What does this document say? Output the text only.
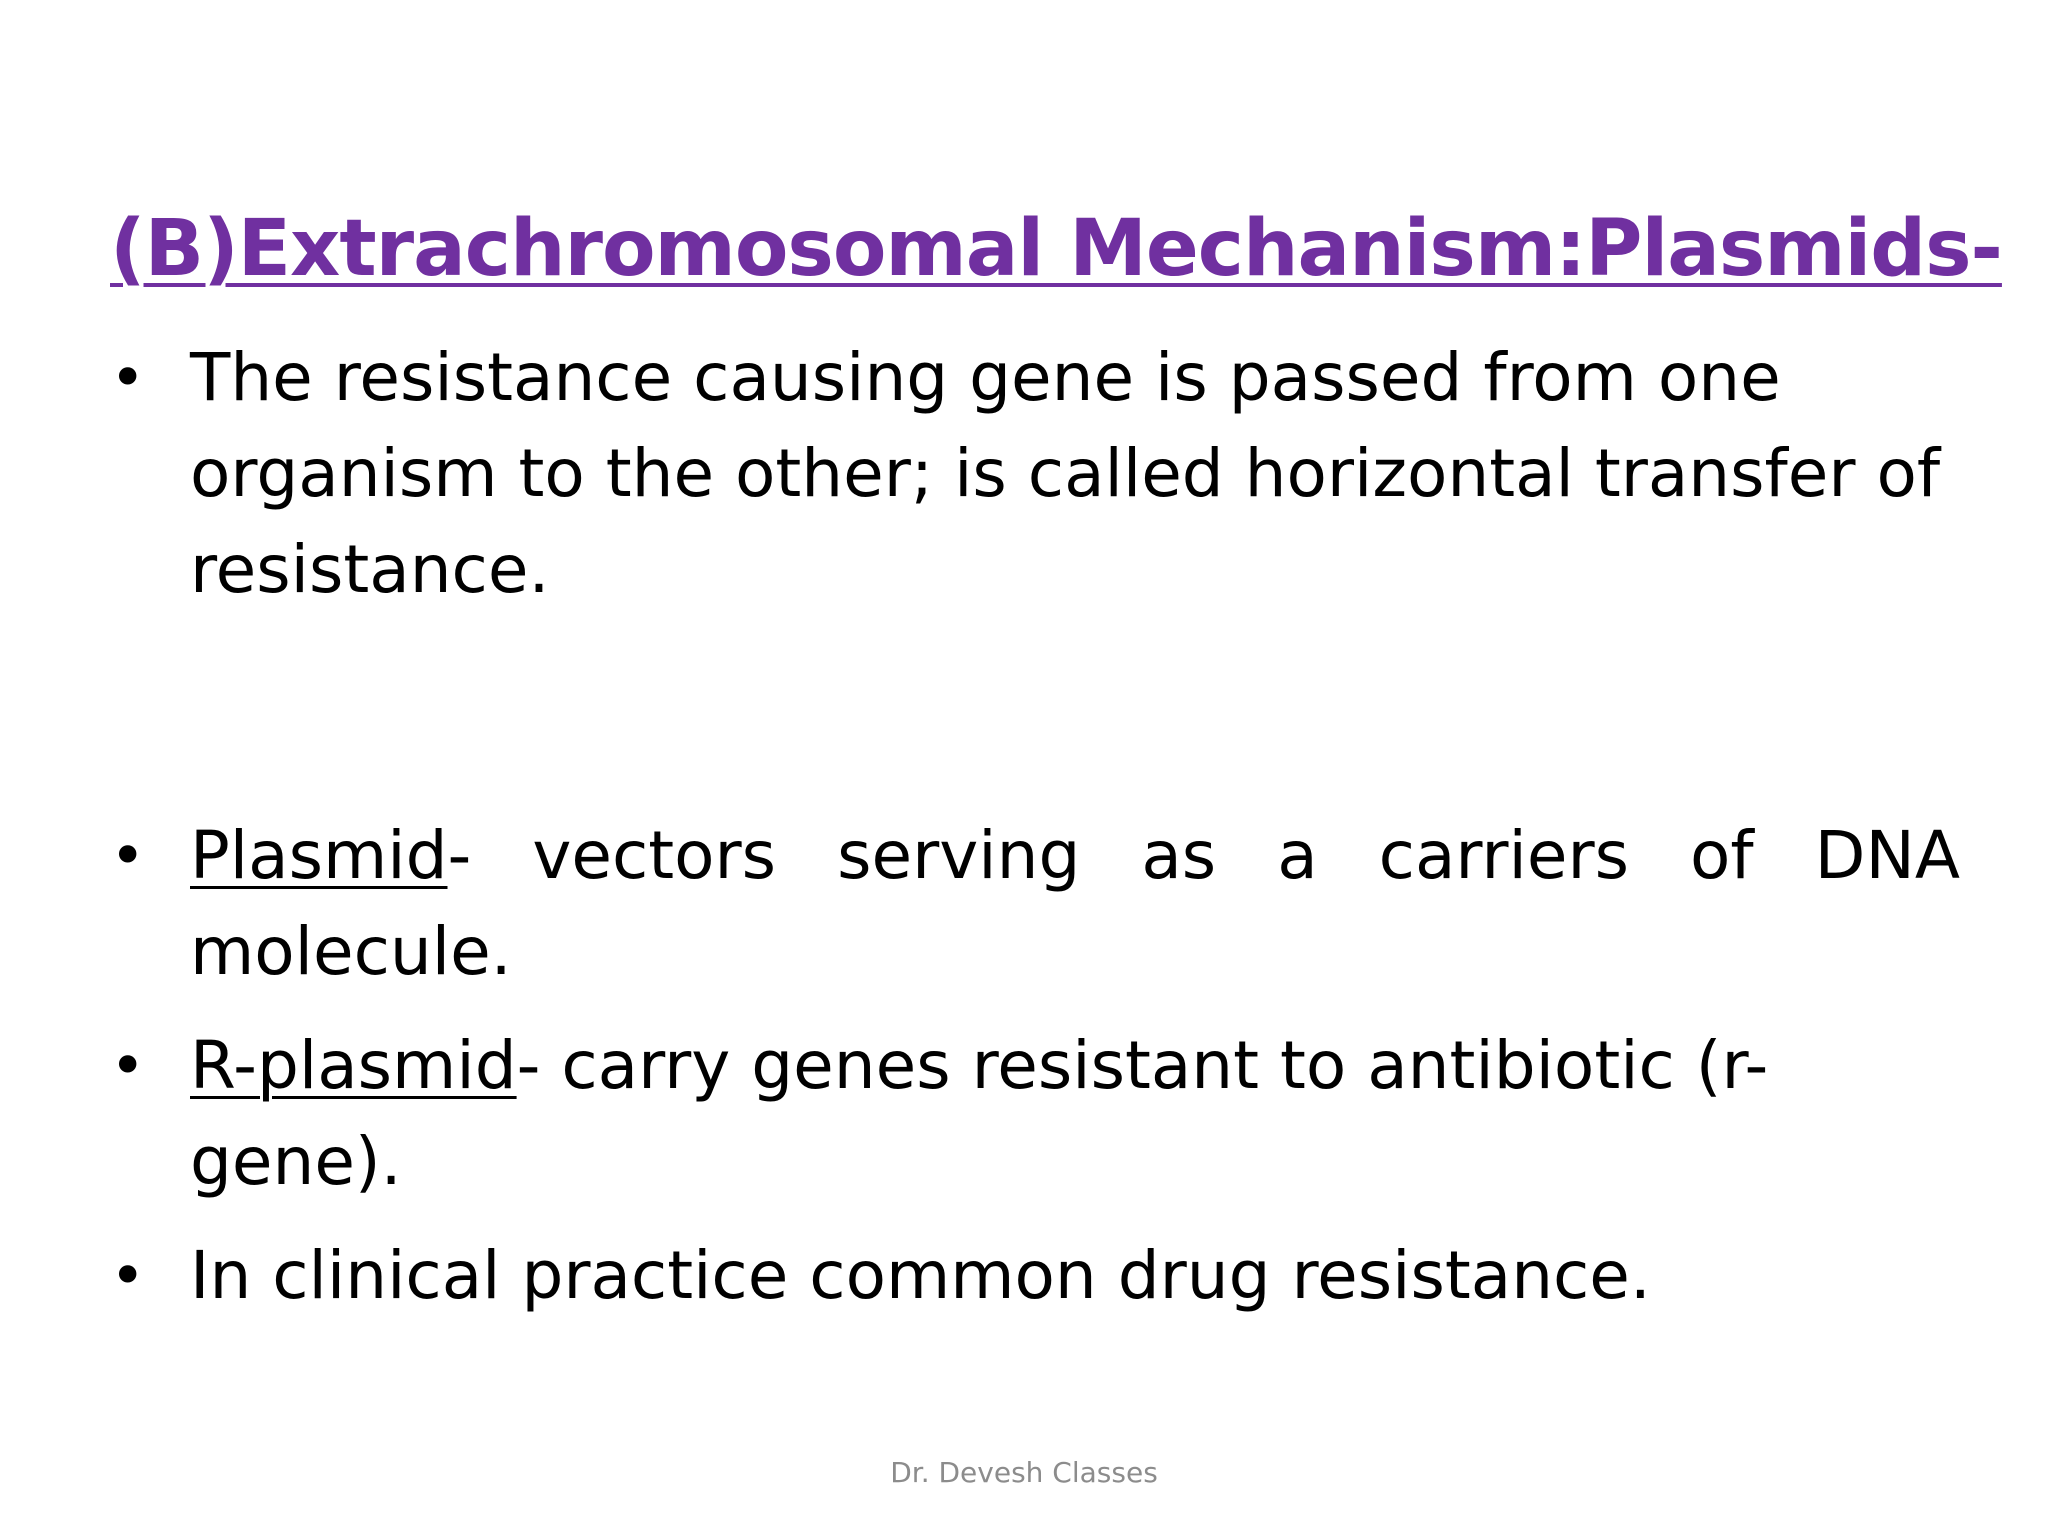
(B)Extrachromosomal Mechanism:Plasmids-
• The resistance causing gene is passed from one organism to the other; is called horizontal transfer of resistance.
• Plasmid- vectors serving as a carriers of DNA molecule.
• R-plasmid- carry genes resistant to antibiotic (r-gene).
• In clinical practice common drug resistance.
Dr. Devesh Classes
